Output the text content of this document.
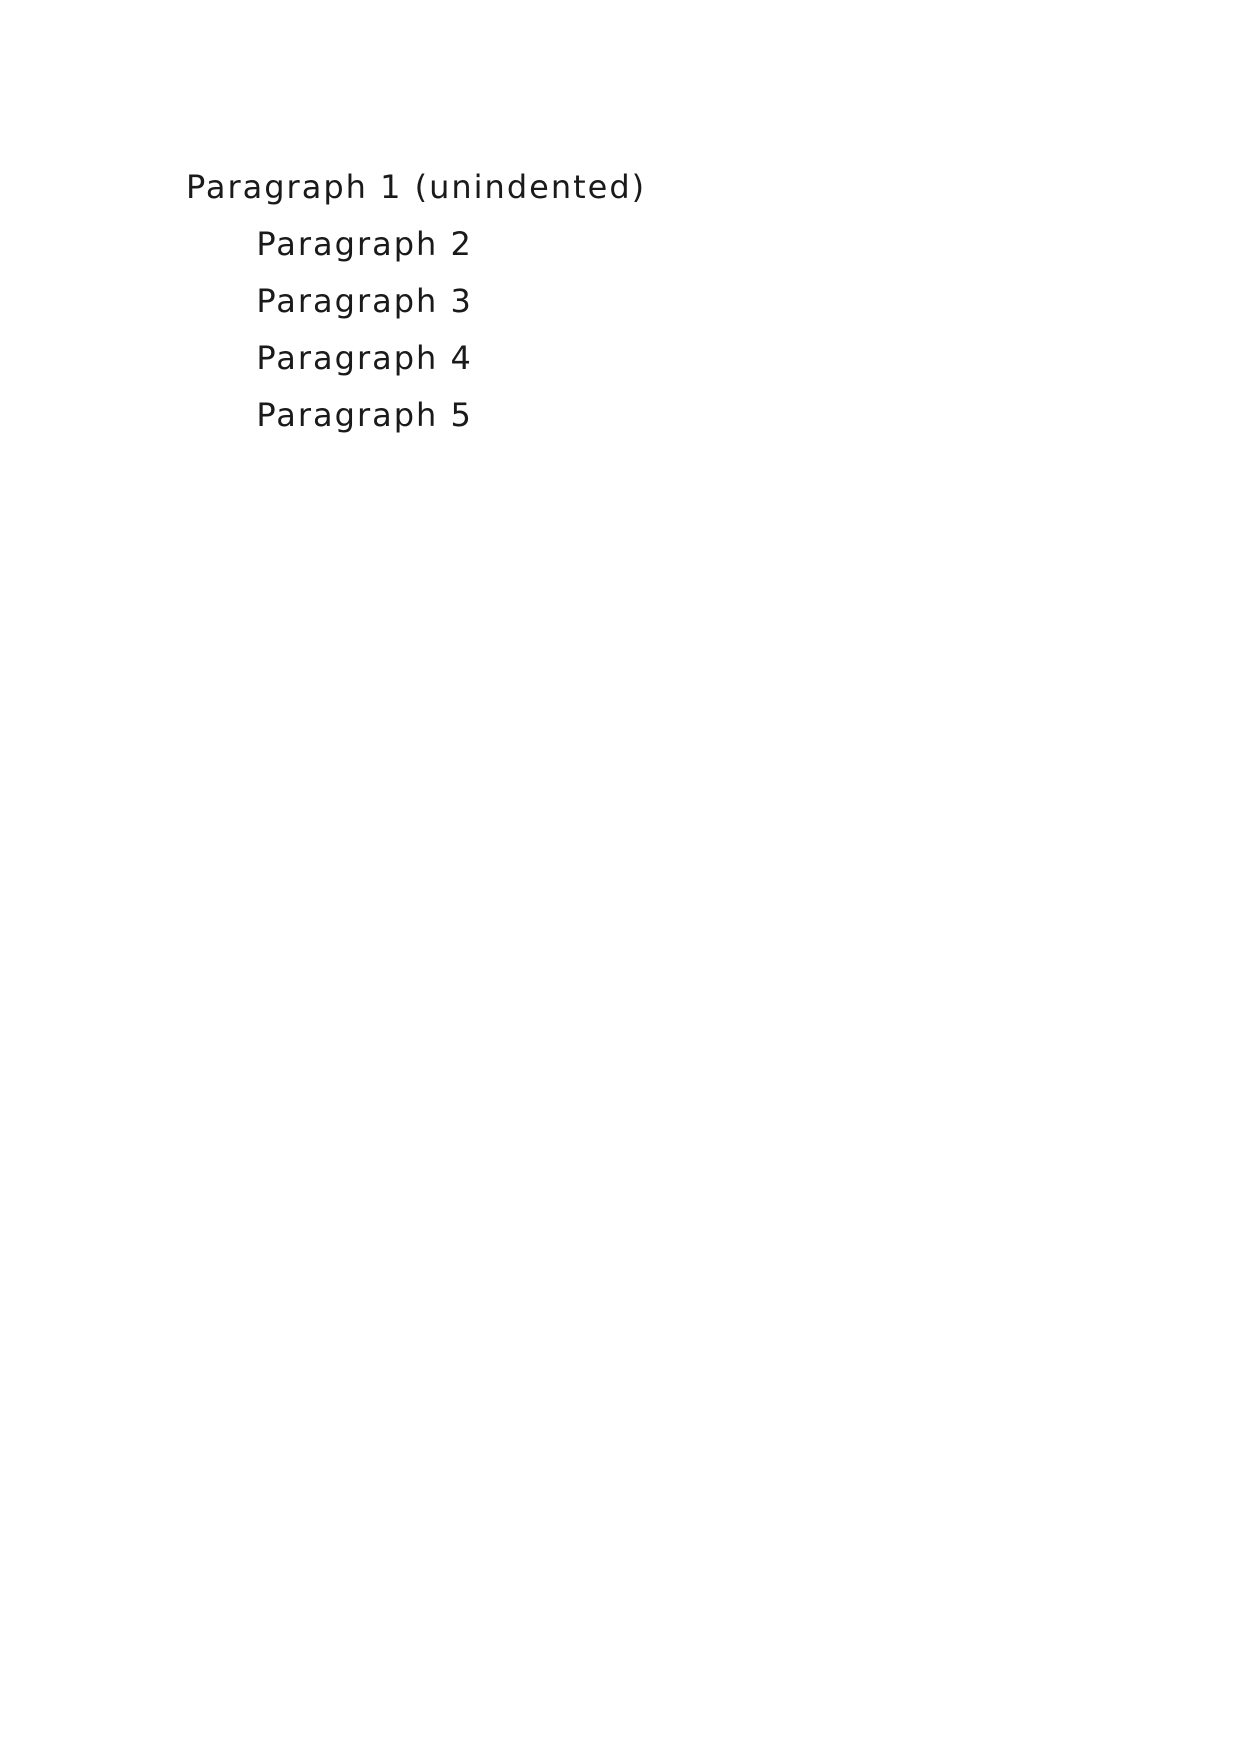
Paragraph 1 (unindented)

Paragraph 2

Paragraph 3

Paragraph 4

Paragraph 5
